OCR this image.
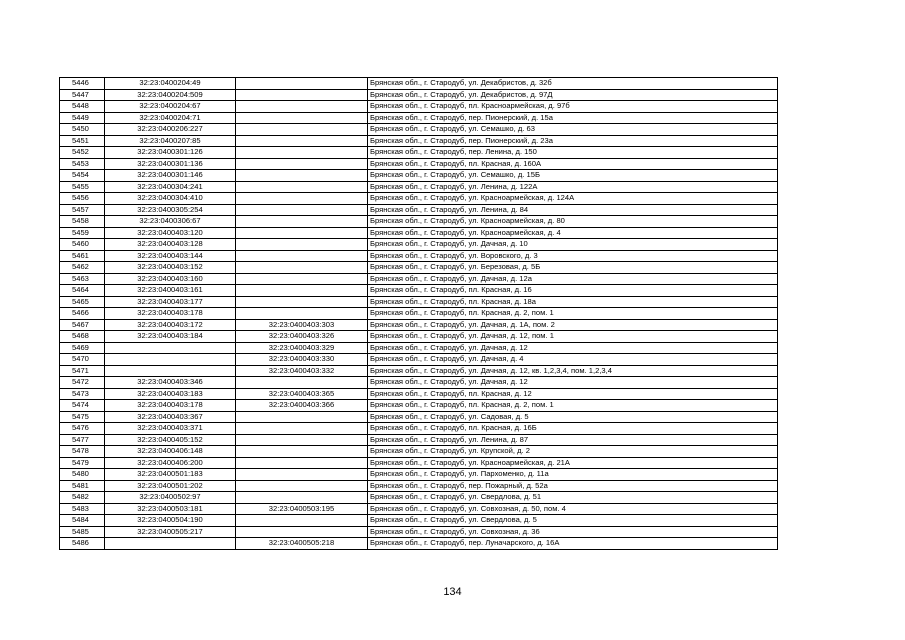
5446	32:23:0400204:49		Брянская обл., г. Стародуб, ул. Декабристов, д. 32б
5447	32:23:0400204:509		Брянская обл., г. Стародуб, ул. Декабристов, д. 97Д
5448	32:23:0400204:67		Брянская обл., г. Стародуб, пл. Красноармейская, д. 97б
5449	32:23:0400204:71		Брянская обл., г. Стародуб, пер. Пионерский, д. 15а
5450	32:23:0400206:227		Брянская обл., г. Стародуб, ул. Семашко, д. 63
5451	32:23:0400207:85		Брянская обл., г. Стародуб, пер. Пионерский, д. 23а
5452	32:23:0400301:126		Брянская обл., г. Стародуб, пер. Ленина, д. 150
5453	32:23:0400301:136		Брянская обл., г. Стародуб, пл. Красная, д. 160А
5454	32:23:0400301:146		Брянская обл., г. Стародуб, ул. Семашко, д. 15Б
5455	32:23:0400304:241		Брянская обл., г. Стародуб, ул. Ленина, д. 122А
5456	32:23:0400304:410		Брянская обл., г. Стародуб, ул. Красноармейская, д. 124А
5457	32:23:0400305:254		Брянская обл., г. Стародуб, ул. Ленина, д. 84
5458	32:23:0400306:67		Брянская обл., г. Стародуб, ул. Красноармейская, д. 80
5459	32:23:0400403:120		Брянская обл., г. Стародуб, ул. Красноармейская, д. 4
5460	32:23:0400403:128		Брянская обл., г. Стародуб, ул. Дачная, д. 10
5461	32:23:0400403:144		Брянская обл., г. Стародуб, ул. Воровского, д. 3
5462	32:23:0400403:152		Брянская обл., г. Стародуб, ул. Березовая, д. 5Б
5463	32:23:0400403:160		Брянская обл., г. Стародуб, ул. Дачная, д. 12а
5464	32:23:0400403:161		Брянская обл., г. Стародуб, пл. Красная, д. 16
5465	32:23:0400403:177		Брянская обл., г. Стародуб, пл. Красная, д. 18а
5466	32:23:0400403:178		Брянская обл., г. Стародуб, пл. Красная, д. 2, пом. 1
5467	32:23:0400403:172	32:23:0400403:303	Брянская обл., г. Стародуб, ул. Дачная, д. 1А, пом. 2
5468	32:23:0400403:184	32:23:0400403:326	Брянская обл., г. Стародуб, ул. Дачная, д. 12, пом. 1
5469		32:23:0400403:329	Брянская обл., г. Стародуб, ул. Дачная, д. 12
5470		32:23:0400403:330	Брянская обл., г. Стародуб, ул. Дачная, д. 4
5471		32:23:0400403:332	Брянская обл., г. Стародуб, ул. Дачная, д. 12, кв. 1,2,3,4, пом. 1,2,3,4
5472	32:23:0400403:346		Брянская обл., г. Стародуб, ул. Дачная, д. 12
5473	32:23:0400403:183	32:23:0400403:365	Брянская обл., г. Стародуб, пл. Красная, д. 12
5474	32:23:0400403:178	32:23:0400403:366	Брянская обл., г. Стародуб, пл. Красная, д. 2, пом. 1
5475	32:23:0400403:367		Брянская обл., г. Стародуб, ул. Садовая, д. 5
5476	32:23:0400403:371		Брянская обл., г. Стародуб, пл. Красная, д. 16Б
5477	32:23:0400405:152		Брянская обл., г. Стародуб, ул. Ленина, д. 87
5478	32:23:0400406:148		Брянская обл., г. Стародуб, ул. Крупской, д. 2
5479	32:23:0400406:200		Брянская обл., г. Стародуб, ул. Красноармейская, д. 21А
5480	32:23:0400501:183		Брянская обл., г. Стародуб, ул. Пархоменко, д. 11а
5481	32:23:0400501:202		Брянская обл., г. Стародуб, пер. Пожарный, д. 52а
5482	32:23:0400502:97		Брянская обл., г. Стародуб, ул. Свердлова, д. 51
5483	32:23:0400503:181	32:23:0400503:195	Брянская обл., г. Стародуб, ул. Совхозная, д. 50, пом. 4
5484	32:23:0400504:190		Брянская обл., г. Стародуб, ул. Свердлова, д. 5
5485	32:23:0400505:217		Брянская обл., г. Стародуб, ул. Совхозная, д. 36
5486		32:23:0400505:218	Брянская обл., г. Стародуб, пер. Луначарского, д. 16А
134
